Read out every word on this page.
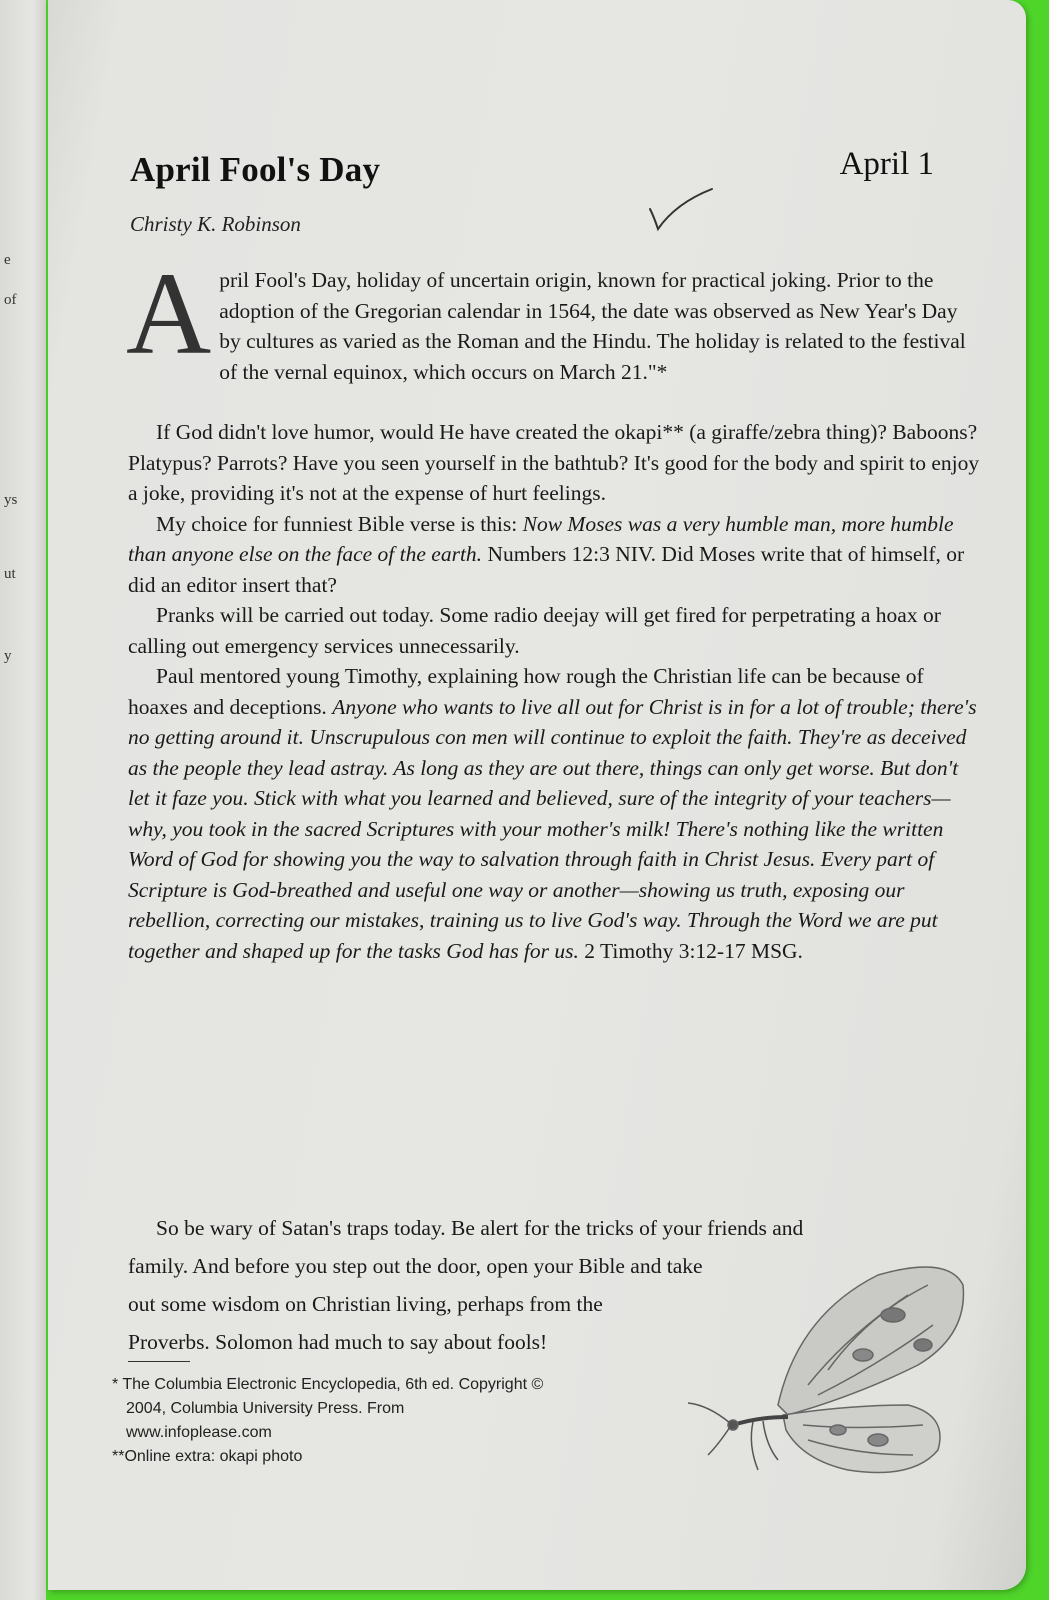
e
of
ys
ut
y
April Fool's Day	April 1
Christy K. Robinson

April Fool's Day, holiday of uncertain origin, known for practical joking. Prior to the adoption of the Gregorian calendar in 1564, the date was observed as New Year's Day by cultures as varied as the Roman and the Hindu. The holiday is related to the festival of the vernal equinox, which occurs on March 21."*

If God didn't love humor, would He have created the okapi** (a giraffe/zebra thing)? Baboons? Platypus? Parrots? Have you seen yourself in the bathtub? It's good for the body and spirit to enjoy a joke, providing it's not at the expense of hurt feelings.

My choice for funniest Bible verse is this: Now Moses was a very humble man, more humble than anyone else on the face of the earth. Numbers 12:3 NIV. Did Moses write that of himself, or did an editor insert that?

Pranks will be carried out today. Some radio deejay will get fired for perpetrating a hoax or calling out emergency services unnecessarily.

Paul mentored young Timothy, explaining how rough the Christian life can be because of hoaxes and deceptions. Anyone who wants to live all out for Christ is in for a lot of trouble; there's no getting around it. Unscrupulous con men will continue to exploit the faith. They're as deceived as the people they lead astray. As long as they are out there, things can only get worse. But don't let it faze you. Stick with what you learned and believed, sure of the integrity of your teachers— why, you took in the sacred Scriptures with your mother's milk! There's nothing like the written Word of God for showing you the way to salvation through faith in Christ Jesus. Every part of Scripture is God-breathed and useful one way or another—showing us truth, exposing our rebellion, correcting our mistakes, training us to live God's way. Through the Word we are put together and shaped up for the tasks God has for us. 2 Timothy 3:12-17 MSG.

So be wary of Satan's traps today. Be alert for the tricks of your friends and

family. And before you step out the door, open your Bible and take

out some wisdom on Christian living, perhaps from the

Proverbs. Solomon had much to say about fools!

* The Columbia Electronic Encyclopedia, 6th ed. Copyright ©
2004, Columbia University Press. From
www.infoplease.com
**Online extra: okapi photo
